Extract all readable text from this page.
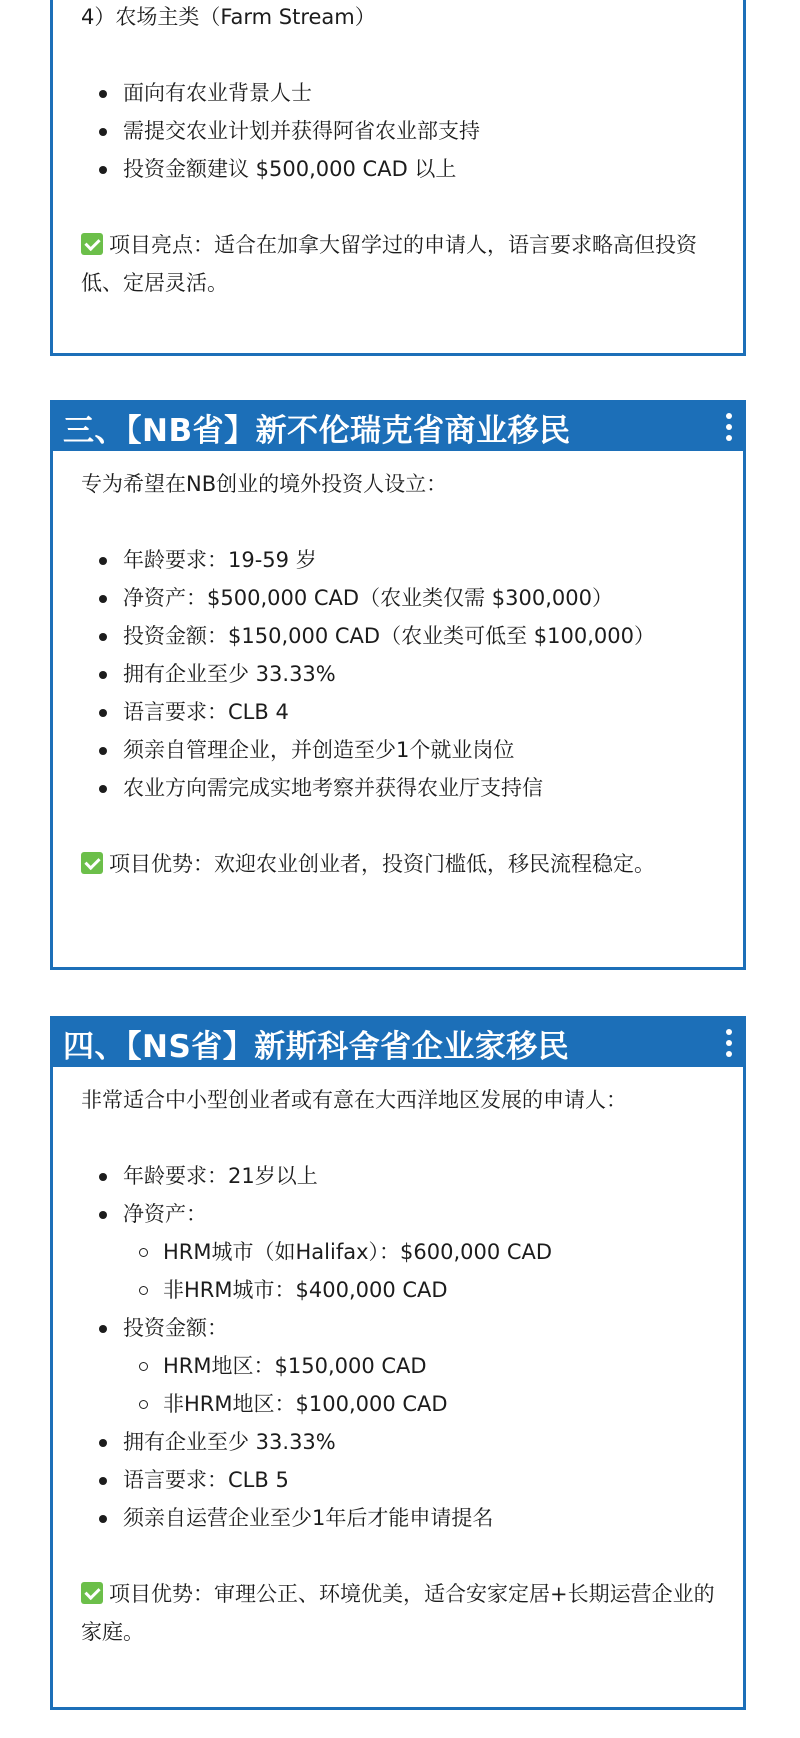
4）农场主类（Farm Stream）

面向有农业背景人士
需提交农业计划并获得阿省农业部支持
投资金额建议 $500,000 CAD 以上

项目亮点：适合在加拿大留学过的申请人，语言要求略高但投资低、定居灵活。

三、【NB省】新不伦瑞克省商业移民

专为希望在NB创业的境外投资人设立：

年龄要求：19-59 岁
净资产：$500,000 CAD（农业类仅需 $300,000）
投资金额：$150,000 CAD（农业类可低至 $100,000）
拥有企业至少 33.33%
语言要求：CLB 4
须亲自管理企业，并创造至少1个就业岗位
农业方向需完成实地考察并获得农业厅支持信

项目优势：欢迎农业创业者，投资门槛低，移民流程稳定。

四、【NS省】新斯科舍省企业家移民

非常适合中小型创业者或有意在大西洋地区发展的申请人：

年龄要求：21岁以上
净资产：
HRM城市（如Halifax）：$600,000 CAD
非HRM城市：$400,000 CAD
投资金额：
HRM地区：$150,000 CAD
非HRM地区：$100,000 CAD
拥有企业至少 33.33%
语言要求：CLB 5
须亲自运营企业至少1年后才能申请提名

项目优势：审理公正、环境优美，适合安家定居+长期运营企业的家庭。
